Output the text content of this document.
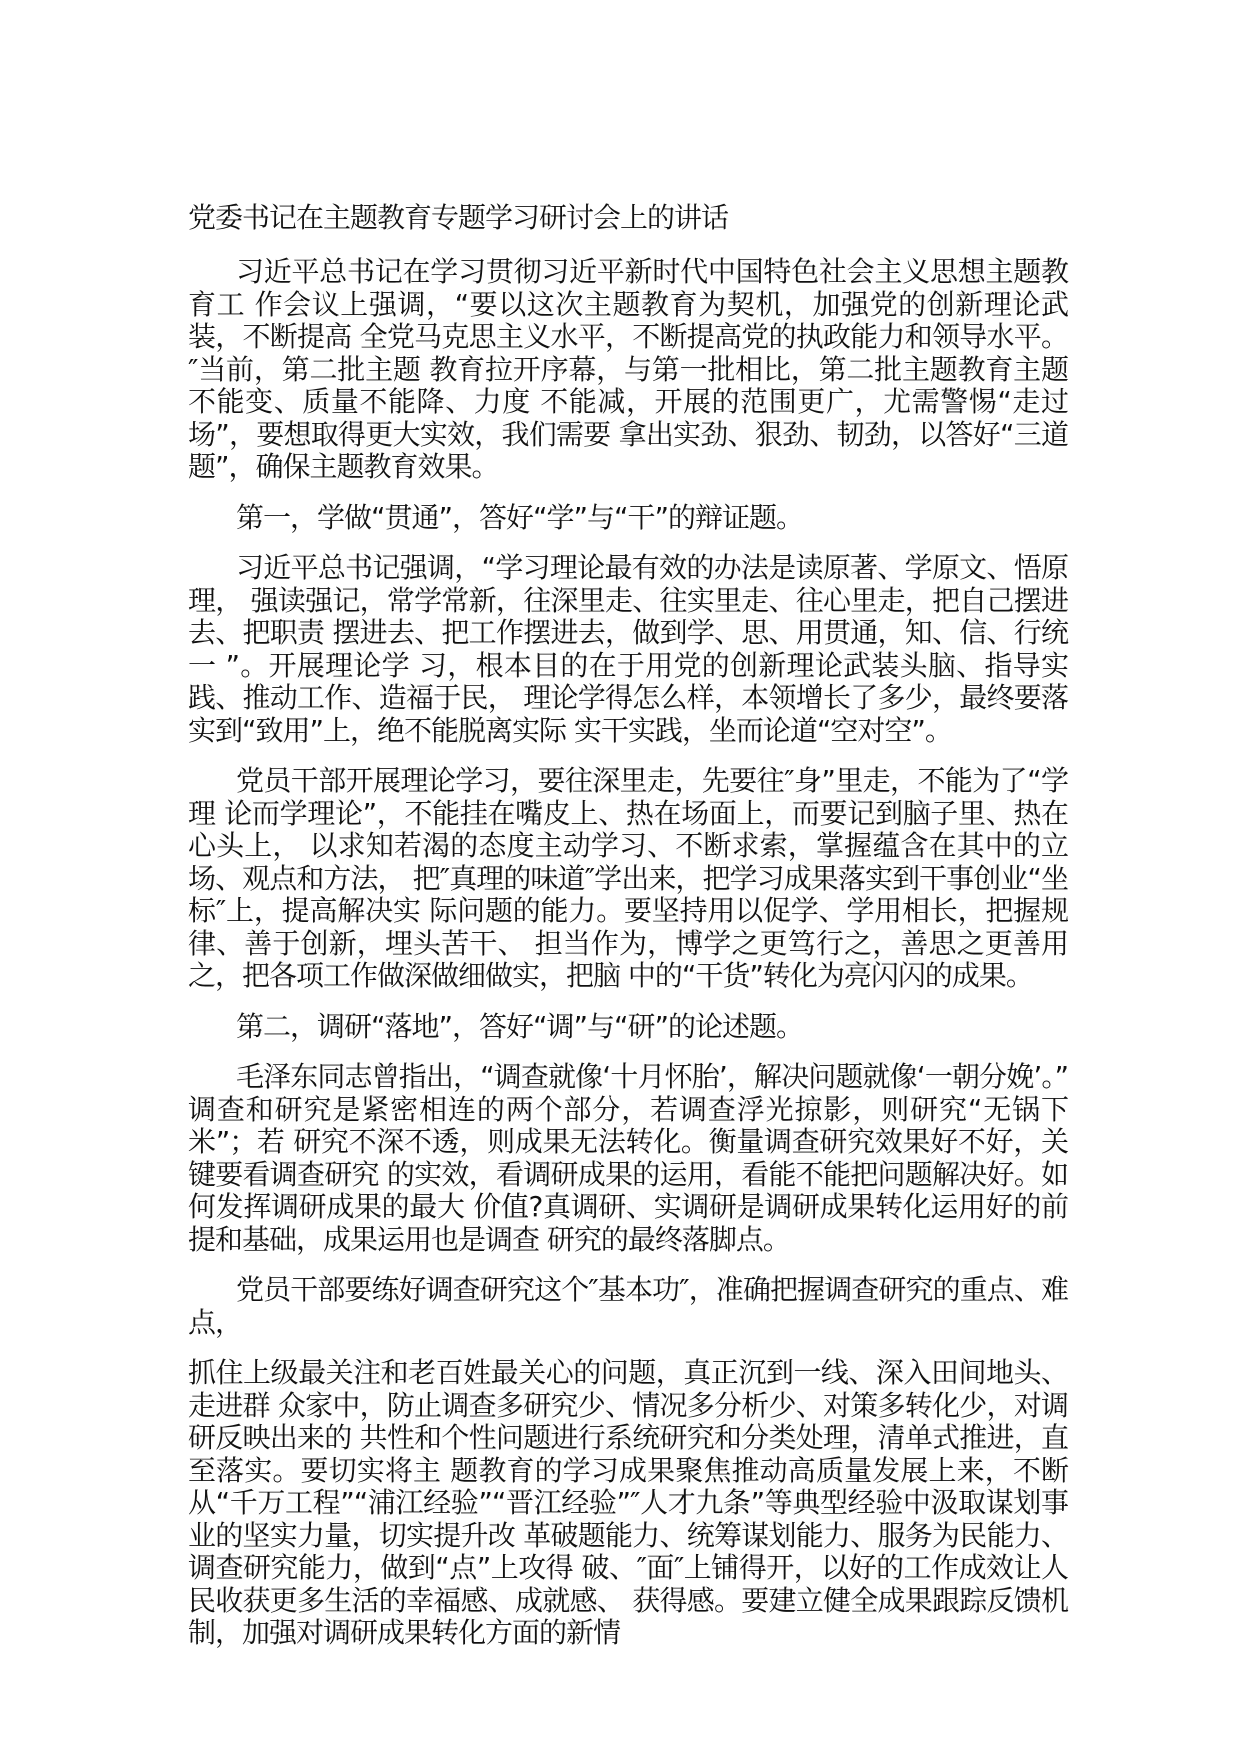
党委书记在主题教育专题学习研讨会上的讲话

习近平总书记在学习贯彻习近平新时代中国特色社会主义思想主题教育工 作会议上强调，“要以这次主题教育为契机，加强党的创新理论武装，不断提高 全党马克思主义水平，不断提高党的执政能力和领导水平。″当前，第二批主题 教育拉开序幕，与第一批相比，第二批主题教育主题不能变、质量不能降、力度 不能减，开展的范围更广，尤需警惕“走过场”，要想取得更大实效，我们需要 拿出实劲、狠劲、韧劲，以答好“三道题”，确保主题教育效果。

第一，学做“贯通”，答好“学”与“干”的辩证题。

习近平总书记强调，“学习理论最有效的办法是读原著、学原文、悟原理， 强读强记，常学常新，往深里走、往实里走、往心里走，把自己摆进去、把职责 摆进去、把工作摆进去，做到学、思、用贯通，知、信、行统一 ”。开展理论学 习，根本目的在于用党的创新理论武装头脑、指导实践、推动工作、造福于民， 理论学得怎么样，本领增长了多少，最终要落实到“致用”上，绝不能脱离实际 实干实践，坐而论道“空对空”。

党员干部开展理论学习，要往深里走，先要往″身”里走，不能为了“学理 论而学理论”，不能挂在嘴皮上、热在场面上，而要记到脑子里、热在心头上， 以求知若渴的态度主动学习、不断求索，掌握蕴含在其中的立场、观点和方法， 把″真理的味道″学出来，把学习成果落实到干事创业“坐标″上，提高解决实 际问题的能力。要坚持用以促学、学用相长，把握规律、善于创新，埋头苦干、 担当作为，博学之更笃行之，善思之更善用之，把各项工作做深做细做实，把脑 中的“干货”转化为亮闪闪的成果。

第二，调研“落地”，答好“调”与“研”的论述题。

毛泽东同志曾指出，“调查就像‘十月怀胎’，解决问题就像‘一朝分娩’。” 调查和研究是紧密相连的两个部分，若调查浮光掠影，则研究“无锅下米”；若 研究不深不透，则成果无法转化。衡量调查研究效果好不好，关键要看调查研究 的实效，看调研成果的运用，看能不能把问题解决好。如何发挥调研成果的最大 价值?真调研、实调研是调研成果转化运用好的前提和基础，成果运用也是调查 研究的最终落脚点。

党员干部要练好调查研究这个″基本功″，准确把握调查研究的重点、难点，

抓住上级最关注和老百姓最关心的问题，真正沉到一线、深入田间地头、走进群 众家中，防止调查多研究少、情况多分析少、对策多转化少，对调研反映出来的 共性和个性问题进行系统研究和分类处理，清单式推进，直至落实。要切实将主 题教育的学习成果聚焦推动高质量发展上来，不断从“千万工程”“浦江经验”“晋江经验”″人才九条”等典型经验中汲取谋划事业的坚实力量，切实提升改 革破题能力、统筹谋划能力、服务为民能力、调查研究能力，做到“点”上攻得 破、″面″上铺得开，以好的工作成效让人民收获更多生活的幸福感、成就感、 获得感。要建立健全成果跟踪反馈机制，加强对调研成果转化方面的新情
